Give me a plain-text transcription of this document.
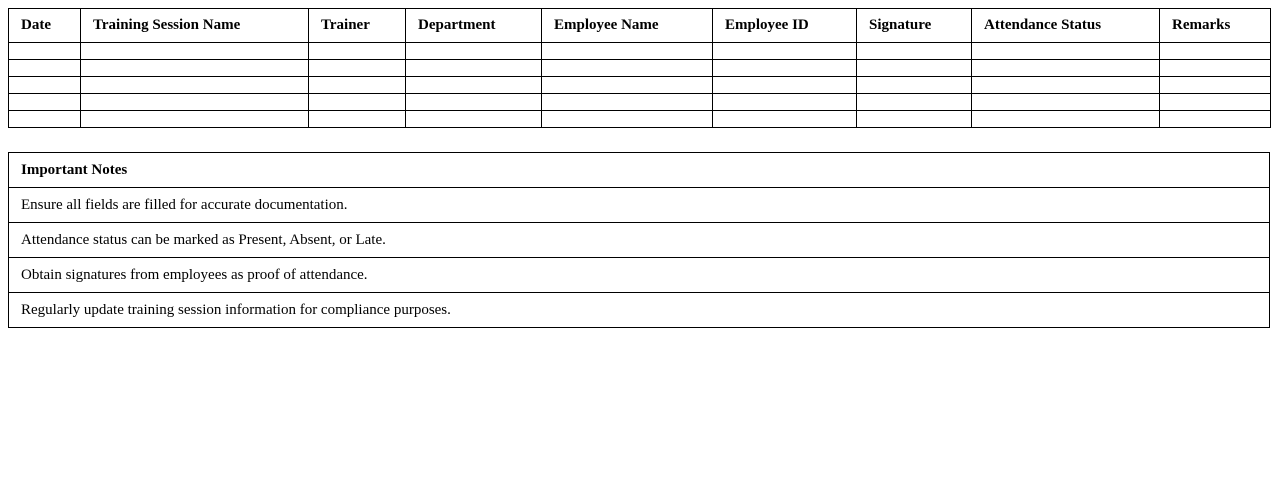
Date	Training Session Name	Trainer	Department	Employee Name	Employee ID	Signature	Attendance Status	Remarks

Important Notes
Ensure all fields are filled for accurate documentation.
Attendance status can be marked as Present, Absent, or Late.
Obtain signatures from employees as proof of attendance.
Regularly update training session information for compliance purposes.
